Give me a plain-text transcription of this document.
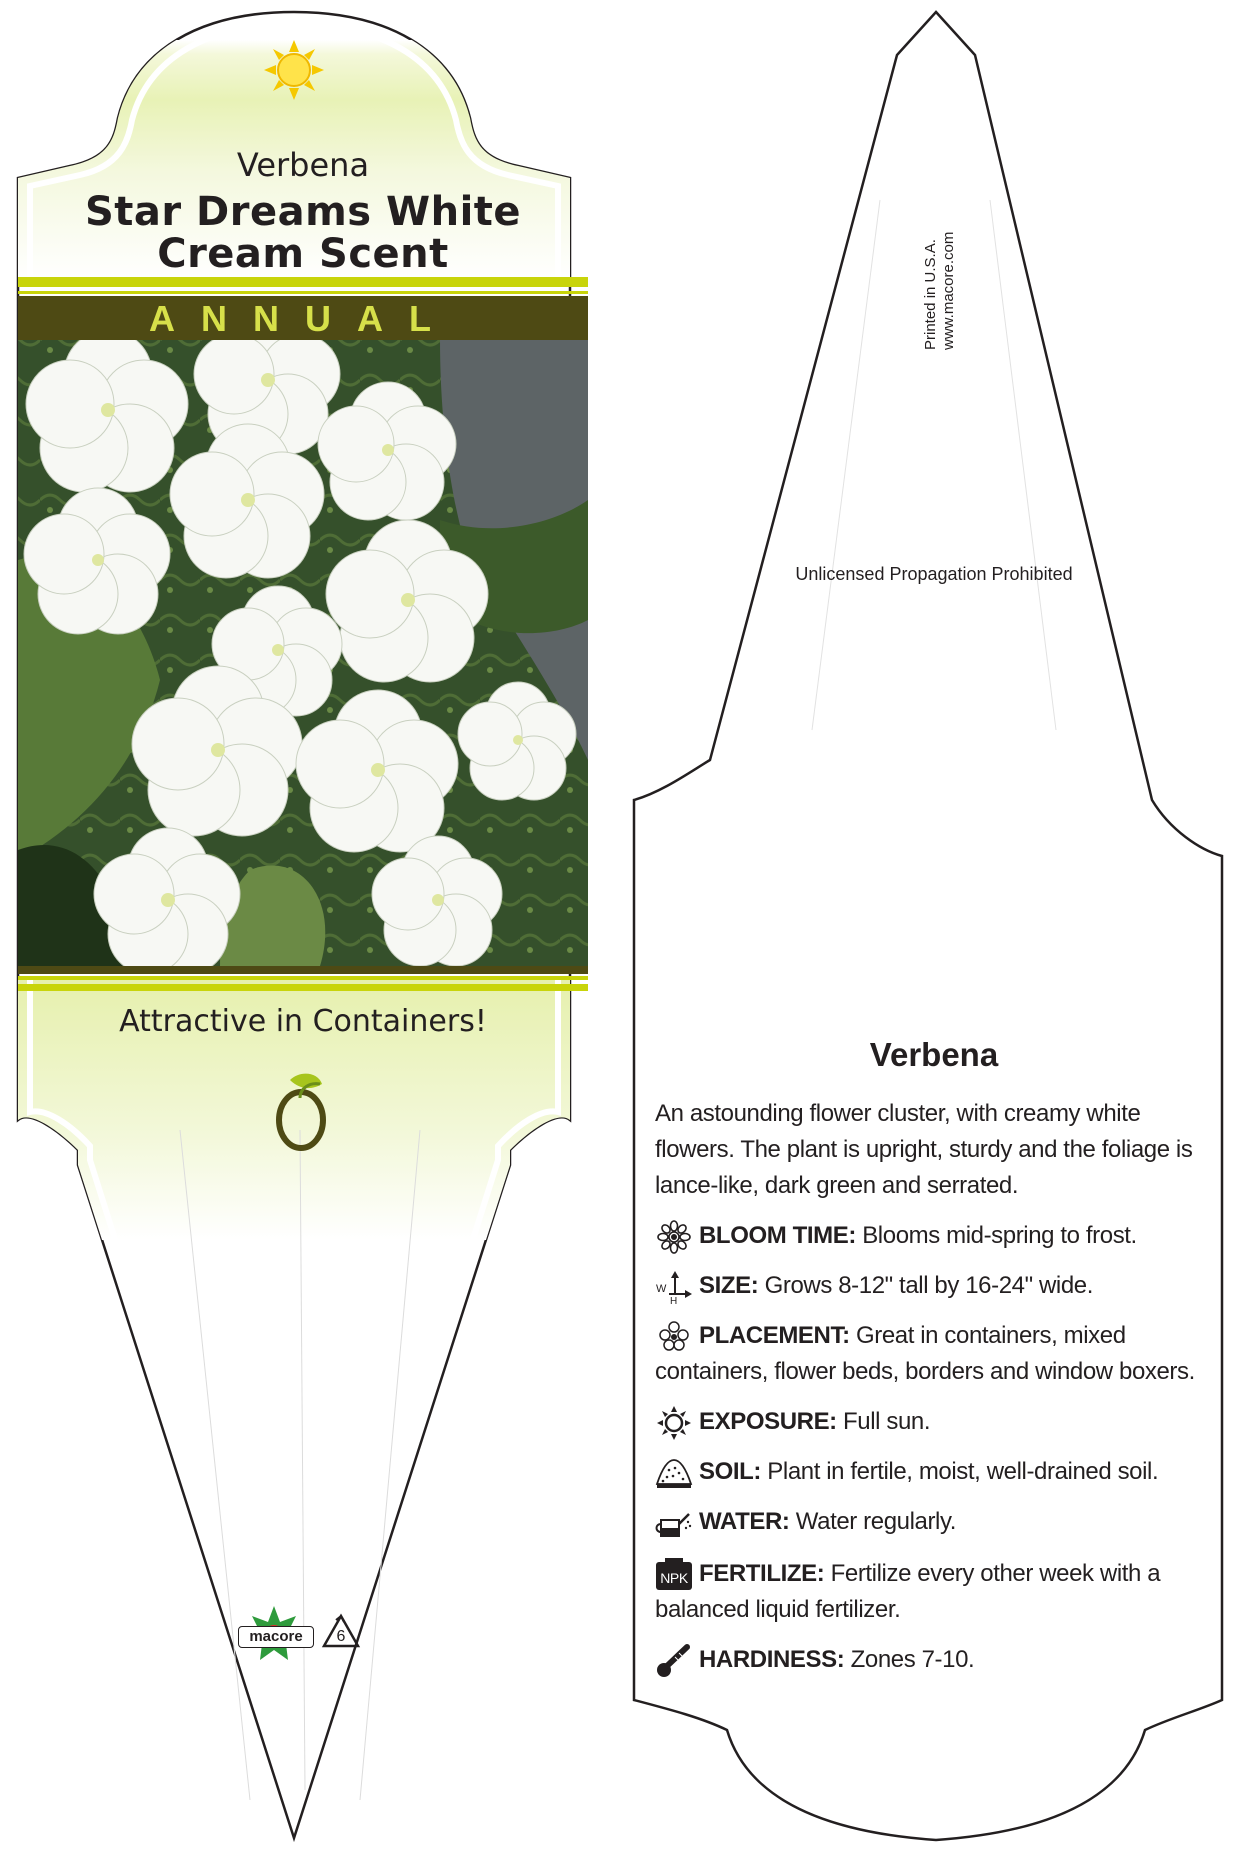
Verbena
Star Dreams White
Cream Scent
ANNUAL
Attractive in Containers!
macore	6
Printed in U.S.A. www.macore.com
Unlicensed Propagation Prohibited
Verbena
An astounding flower cluster, with creamy white flowers. The plant is upright, sturdy and the foliage is lance-like, dark green and serrated.
BLOOM TIME: Blooms mid-spring to frost.
W
H
SIZE: Grows 8-12" tall by 16-24" wide.
PLACEMENT: Great in containers, mixed containers, flower beds, borders and window boxers.
EXPOSURE: Full sun.
SOIL: Plant in fertile, moist, well-drained soil.
WATER: Water regularly.
NPK FERTILIZE: Fertilize every other week with a balanced liquid fertilizer.
HARDINESS: Zones 7-10.
